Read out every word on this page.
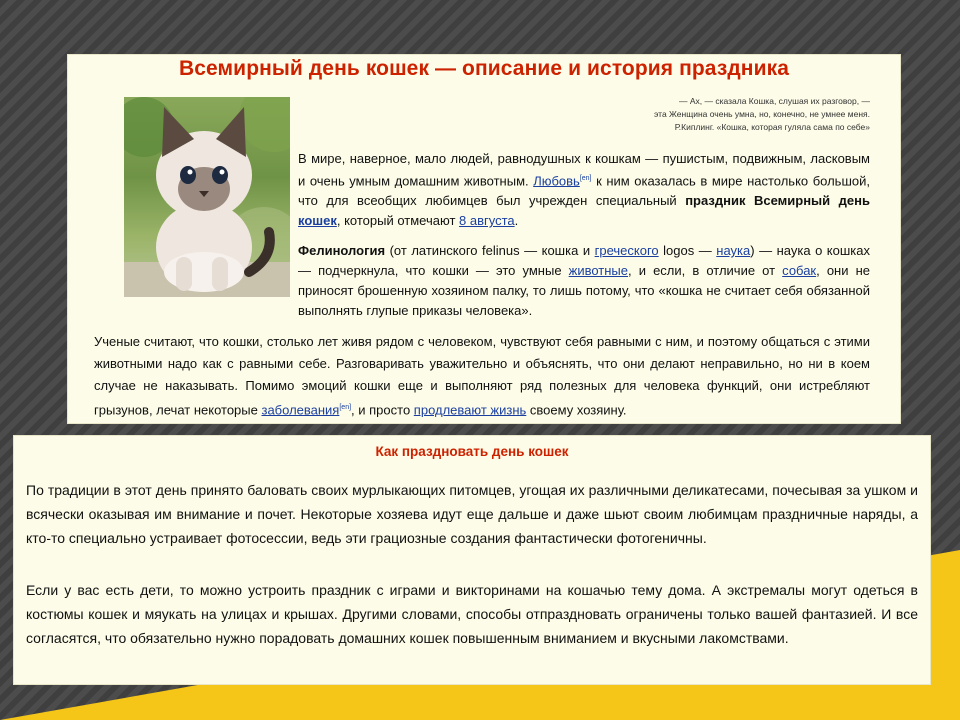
Всемирный день кошек — описание и история праздника
— Ах, — сказала Кошка, слушая их разговор, —
эта Женщина очень умна, но, конечно, не умнее меня.
Р.Киплинг. «Кошка, которая гуляла сама по себе»
В мире, наверное, мало людей, равнодушных к кошкам — пушистым, подвижным, ласковым и очень умным домашним животным. Любовь[en] к ним оказалась в мире настолько большой, что для всеобщих любимцев был учрежден специальный праздник Всемирный день кошек, который отмечают 8 августа.
Фелинология (от латинского felinus — кошка и греческого logos — наука) — наука о кошках — подчеркнула, что кошки — это умные животные, и если, в отличие от собак, они не приносят брошенную хозяином палку, то лишь потому, что «кошка не считает себя обязанной выполнять глупые приказы человека».
Ученые считают, что кошки, столько лет живя рядом с человеком, чувствуют себя равными с ним, и поэтому общаться с этими животными надо как с равными себе. Разговаривать уважительно и объяснять, что они делают неправильно, но ни в коем случае не наказывать. Помимо эмоций кошки еще и выполняют ряд полезных для человека функций, они истребляют грызунов, лечат некоторые заболевания[en], и просто продлевают жизнь своему хозяину.
Как праздновать день кошек
По традиции в этот день принято баловать своих мурлыкающих питомцев, угощая их различными деликатесами, почесывая за ушком и всячески оказывая им внимание и почет. Некоторые хозяева идут еще дальше и даже шьют своим любимцам праздничные наряды, а кто-то специально устраивает фотосессии, ведь эти грациозные создания фантастически фотогеничны.
Если у вас есть дети, то можно устроить праздник с играми и викторинами на кошачью тему дома. А экстремалы могут одеться в костюмы кошек и мяукать на улицах и крышах. Другими словами, способы отпраздновать ограничены только вашей фантазией. И все согласятся, что обязательно нужно порадовать домашних кошек повышенным вниманием и вкусными лакомствами.
